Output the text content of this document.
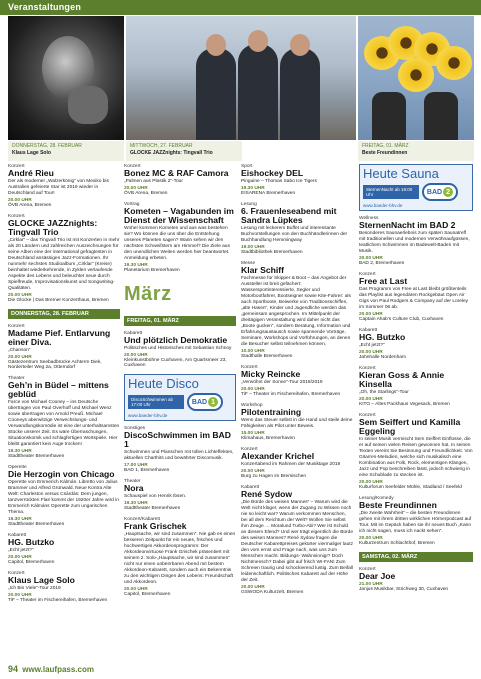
Veranstaltungen
Foto: Simone Weisenfeld
DONNERSTAG, 28. FEBRUAR
Klaus Lage Solo
MITTWOCH, 27. FEBRUAR
GLOCKE JAZZnights: Tingvall Trio
FREITAG, 01. MÄRZ
Beste Freundinnen
Konzert
André Rieu
Der als moderner „Walzerkönig“ von Mexiko bis Australien gefeierte Star ist 2019 wieder in Deutschland auf Tour!
20.00 UHR
ÖVB Arena, Bremen
Konzert
GLOCKE JAZZnights: Tingvall Trio
„Cirklar“ – das Tingvall Trio ist mit Konzerten in mehr als 20 Ländern und zahlreichen Auszeichnungen für seine Alben eine der international gefragtesten in Deutschland ansässigen Jazz-Formationen. Ihr nunmehr sechstes Studioalbum „Cirklar“ (Kreise) beinhaltet wiederkehrende, in Zyklen verlaufende Aspekte des Lebens und beleuchtet neue durch Spielfreude, Improvisationskunst und Songwriting-Qualitäten.
20.00 UHR
Die Glocke | Das Bremer Konzerthaus, Bremen
DONNERSTAG, 28. FEBRUAR
Konzert
Madame Pief. Entlarvung einer Diva.
„Chanson“
20.00 UHR
Gästezentrum Seebadbrücke Achterm Diek, Norderteiler Weg 2a, Otterndorf
Theater
Geh’n in Büdel – mittens geblüd
Farce von Michael Cooney – ins Deutsche übertragen von Paul Overhoff und Michael Wenz sowie übertragen von Arnold Preuß. Michael Cooneys aberwitzige Verwechslungs- und Verwandlungskomödie ist eine der unterhaltsamsten Stücke unserer Zeit. Es wäre Überraschungen, Situationskomik und schlagfertigen Wortspiele. Hier bleibt garantiert kein Auge trocken!
19.30 UHR
Stadttheater Bremerhaven
Operette
Die Herzogin von Chicago
Operette von Emmerich Kálmán. Libretto von Julius Brammer und Alfred Grünwald. Neue Kontra Alte Welt: Charleston versus Csárdás: Dem jungen, tanzverrückten Flair kommt der 1920er Jahre wird in Emmerich Kálmáns Operette zum ungarischen Thema.
19.30 UHR
Stadttheater Bremerhaven
Kabarett
HG. Butzko
„Echt jetzt?“
20.00 UHR
Capitol, Bremerhaven
Konzert
Klaus Lage Solo
„Ich Bin Viele“-Tour 2019
20.00 UHR
TiF – Theater im Fischereihafen, Bremerhaven
Konzert
Bonez MC & RAF Camora
„Palmen aus Plastik 2“-Tour
20.00 UHR
ÖVB Arena, Bremen
Vortrag
Kometen – Vagabunden im Dienst der Wissenschaft
Woher kommen Kometen und aus was bestehen sie? Wo können die uns über die Entstehung unseres Planeten sagen? Wann sehen wir den nächsten Schweifstern am Himmel? Die Ziele aus den unendlichen Weiten werden hier beantwortet. Anmeldung erbeten.
19.30 UHR
Planetarium Bremerhaven
März
FREITAG, 01. MÄRZ
Kabarett
Und plötzlich Demokratie
Politisches und Historisches mit Sebastian Schnoy
20.00 UHR
Kleinkunstbühne Cuxhaven, Am Quartsmeer 23, Cuxhaven
Heute Disco
DiscoSchwimmen ab 17:00 Uhr	BAD 1
www.baeder-bhv.de
Sonstiges
DiscoSchwimmen im BAD 1
Schwimmen und Planschen mit tollen Lichteffekten, aktuellen Charthits und bewährter Discomusik.
17.00 UHR
BAD 1, Bremerhaven
Theater
Nora
Schauspiel von Henrik Ibsen.
19.30 UHR
Stadttheater Bremerhaven
Konzert/Kabarett
Frank Grischek
„Hauptsache, wir sind zusammen“. Nie gab es einen besseren Zeitpunkt für ein neues, frisches und hochwertiges Akkordeonprogramm: Der Akkordeonvirtuose Frank Grischek präsentiert mit seinem 2. Solo-„Hauptsache, wir sind zusammen“ nicht nur einen unbeirrbaren Abend mit bestem Akkordeon-Kabarett, sondern auch ein Bekenntnis zu den wichtigen Dingen des Lebens: Freundschaft und Akkordeon.
20.00 UHR
Capitol, Bremerhaven
Sport
Eishockey DEL
Pinguine – Thomas Sabo Ice Tigers
19.30 UHR
EISARENA Bremerhaven
Lesung
6. Frauenleseabend mit Sandra Lüpkes
Lesung mit leckerem Buffet und interessante Buchvorstellungen von den Buchhändlerinnen der Buchhandlung Hemmingway
19.00 UHR
Stadtbibliothek Bremerhaven
Messe
Klar Schiff
Fachmesse für Skipper & Boot – das Angebot der Aussteller ist breit gefächert: Wassersportinteressierte, Segler und Motorbootfahrer, Bootseigner sowie Kite-Fahrer: als auch Sportboote, Beiwerke von Traditionsschiffen, „alte Hasen“, Kinder und Jugendliche werden das „gemeinsam angesprochen. Im Mittelpunkt der dreitägigen Veranstaltung wird daher nicht das „Boote gucken“, sondern Beratung, Information und Erfahrungsaustausch sowie spannende Vorträge, Seminare, Workshops und Vorführungen, an denen die Besucher selbst teilnehmen können.
10.00 UHR
Stadthalle Bremerhaven
Konzert
Micky Reincke
„Verwöhnt der Sonne“-Tour 2018/2019
20.00 UHR
TiF – Theater im Fischereihafen, Bremerhaven
Workshop
Pilotentraining
Wenn das Steuer selbst in die Hand und steile deine Fähigkeiten als Pilot unter Beweis.
15.00 UHR
Klimahaus, Bremerhaven
Konzert
Alexander Krichel
Konzertabend im Rahmen der Musiktage 2019
20.00 UHR
Burg zu Hagen im Bremischen
Kabarett
René Sydow
„Die Bürde des weisen Mannes“ – Warum wird die Welt nicht klüger, wenn der Zugang zu Wissen noch nie so leicht war? Warum verkommen Menschen, bei all dem Reichtum der Welt? Wollen Sie selbst ihm Zeuge … Moralund Turbo-Abi? Wer ist Schuld an diesem Elend? Und wer trägt eigentlich die Bürde des weisen Mannes? René Sydow fragen die Deutscher Kabarettpreises gekürter viermaliger lautz den vom ernst und Frage nach, was uns zum Menschen macht. Bildungs- Wahnsinnig!? Doch Nichtmensch? Dabei gibt auf frisch WI-FAN! Zum Schreien traurig und schockierend lustig. Zum Beifall leidenschaftlich. Politisches Kabarett auf der Höhe der Zeit.
20.00 UHR
GSWODA Kulturzelt, Bremen
Heute Sauna
SternenNacht ab 19:00 Uhr	BAD 2
www.baeder-bhv.de
Wellness
SternenNacht im BAD 2
Besonderes Saunaerlebnis zum späten Saunatreff mit traditionellen und modernen Verwöhnaufgüssen, teatlichem Schwimmen im Badewelt-Baden mit Musik.
20.00 UHR
BAD 2, Bremerhaven
Konzert
Free at Last
Das Programm von Free at Last bleibt größtenteils das Playlist aus legendären Rockgebäut Open Air Gigs von Paul Rodgers & Company auf der Loreley im Sommer 06 ab.
20.00 UHR
Captain Ahab’s Culture Club, Cuxhaven
Kabarett
HG. Butzko
„Echt jetzt?“
20.00 UHR
Jahnhalle Nordenham
Konzert
Kieran Goss & Annie Kinsella
„Oh, the Starlings“-Tour
20.00 UHR
KITO – Altes Packhaus Vegesack, Bremen
Konzert
Sem Seiffert und Kamilla Eggeling
In seiner Musik vermischt Sem Seiffert Einflüsse, die er auf seinen vielen Reisen gewonnen hat. In seinen Texten vereint Sie Besinnung und Freundlichkeit. Von Gitarren-Melodien, welche sich musikalisch eine Kombination aus Folk, Rock, elementigen Klängen, Jazz und Pop beschreiben lässt, jedoch schwierig in eine Schublade zu stecken ist.
20.00 UHR
Kulturforum Seefelder Mühle, Stadland / Seefeld
Lesung/Komedy
Beste Freundinnen
„Die zweite Wahrheit“ – die besten Freundinnen gehen mit ihrem dritten wirklichen Hörnerpodcast auf Tour. Mit im Gepäck haben sie ihr neues Buch „Kann ich nicht sagen, muss ich nackt sehen“.
20.00 UHR
Kulturzentrum Schlachthof, Bremen
SAMSTAG, 02. MÄRZ
Konzert
Dear Joe
21.00 UHR
Janjus Musikbar, Strichweg 30, Cuxhaven
94 www.laufpass.com
